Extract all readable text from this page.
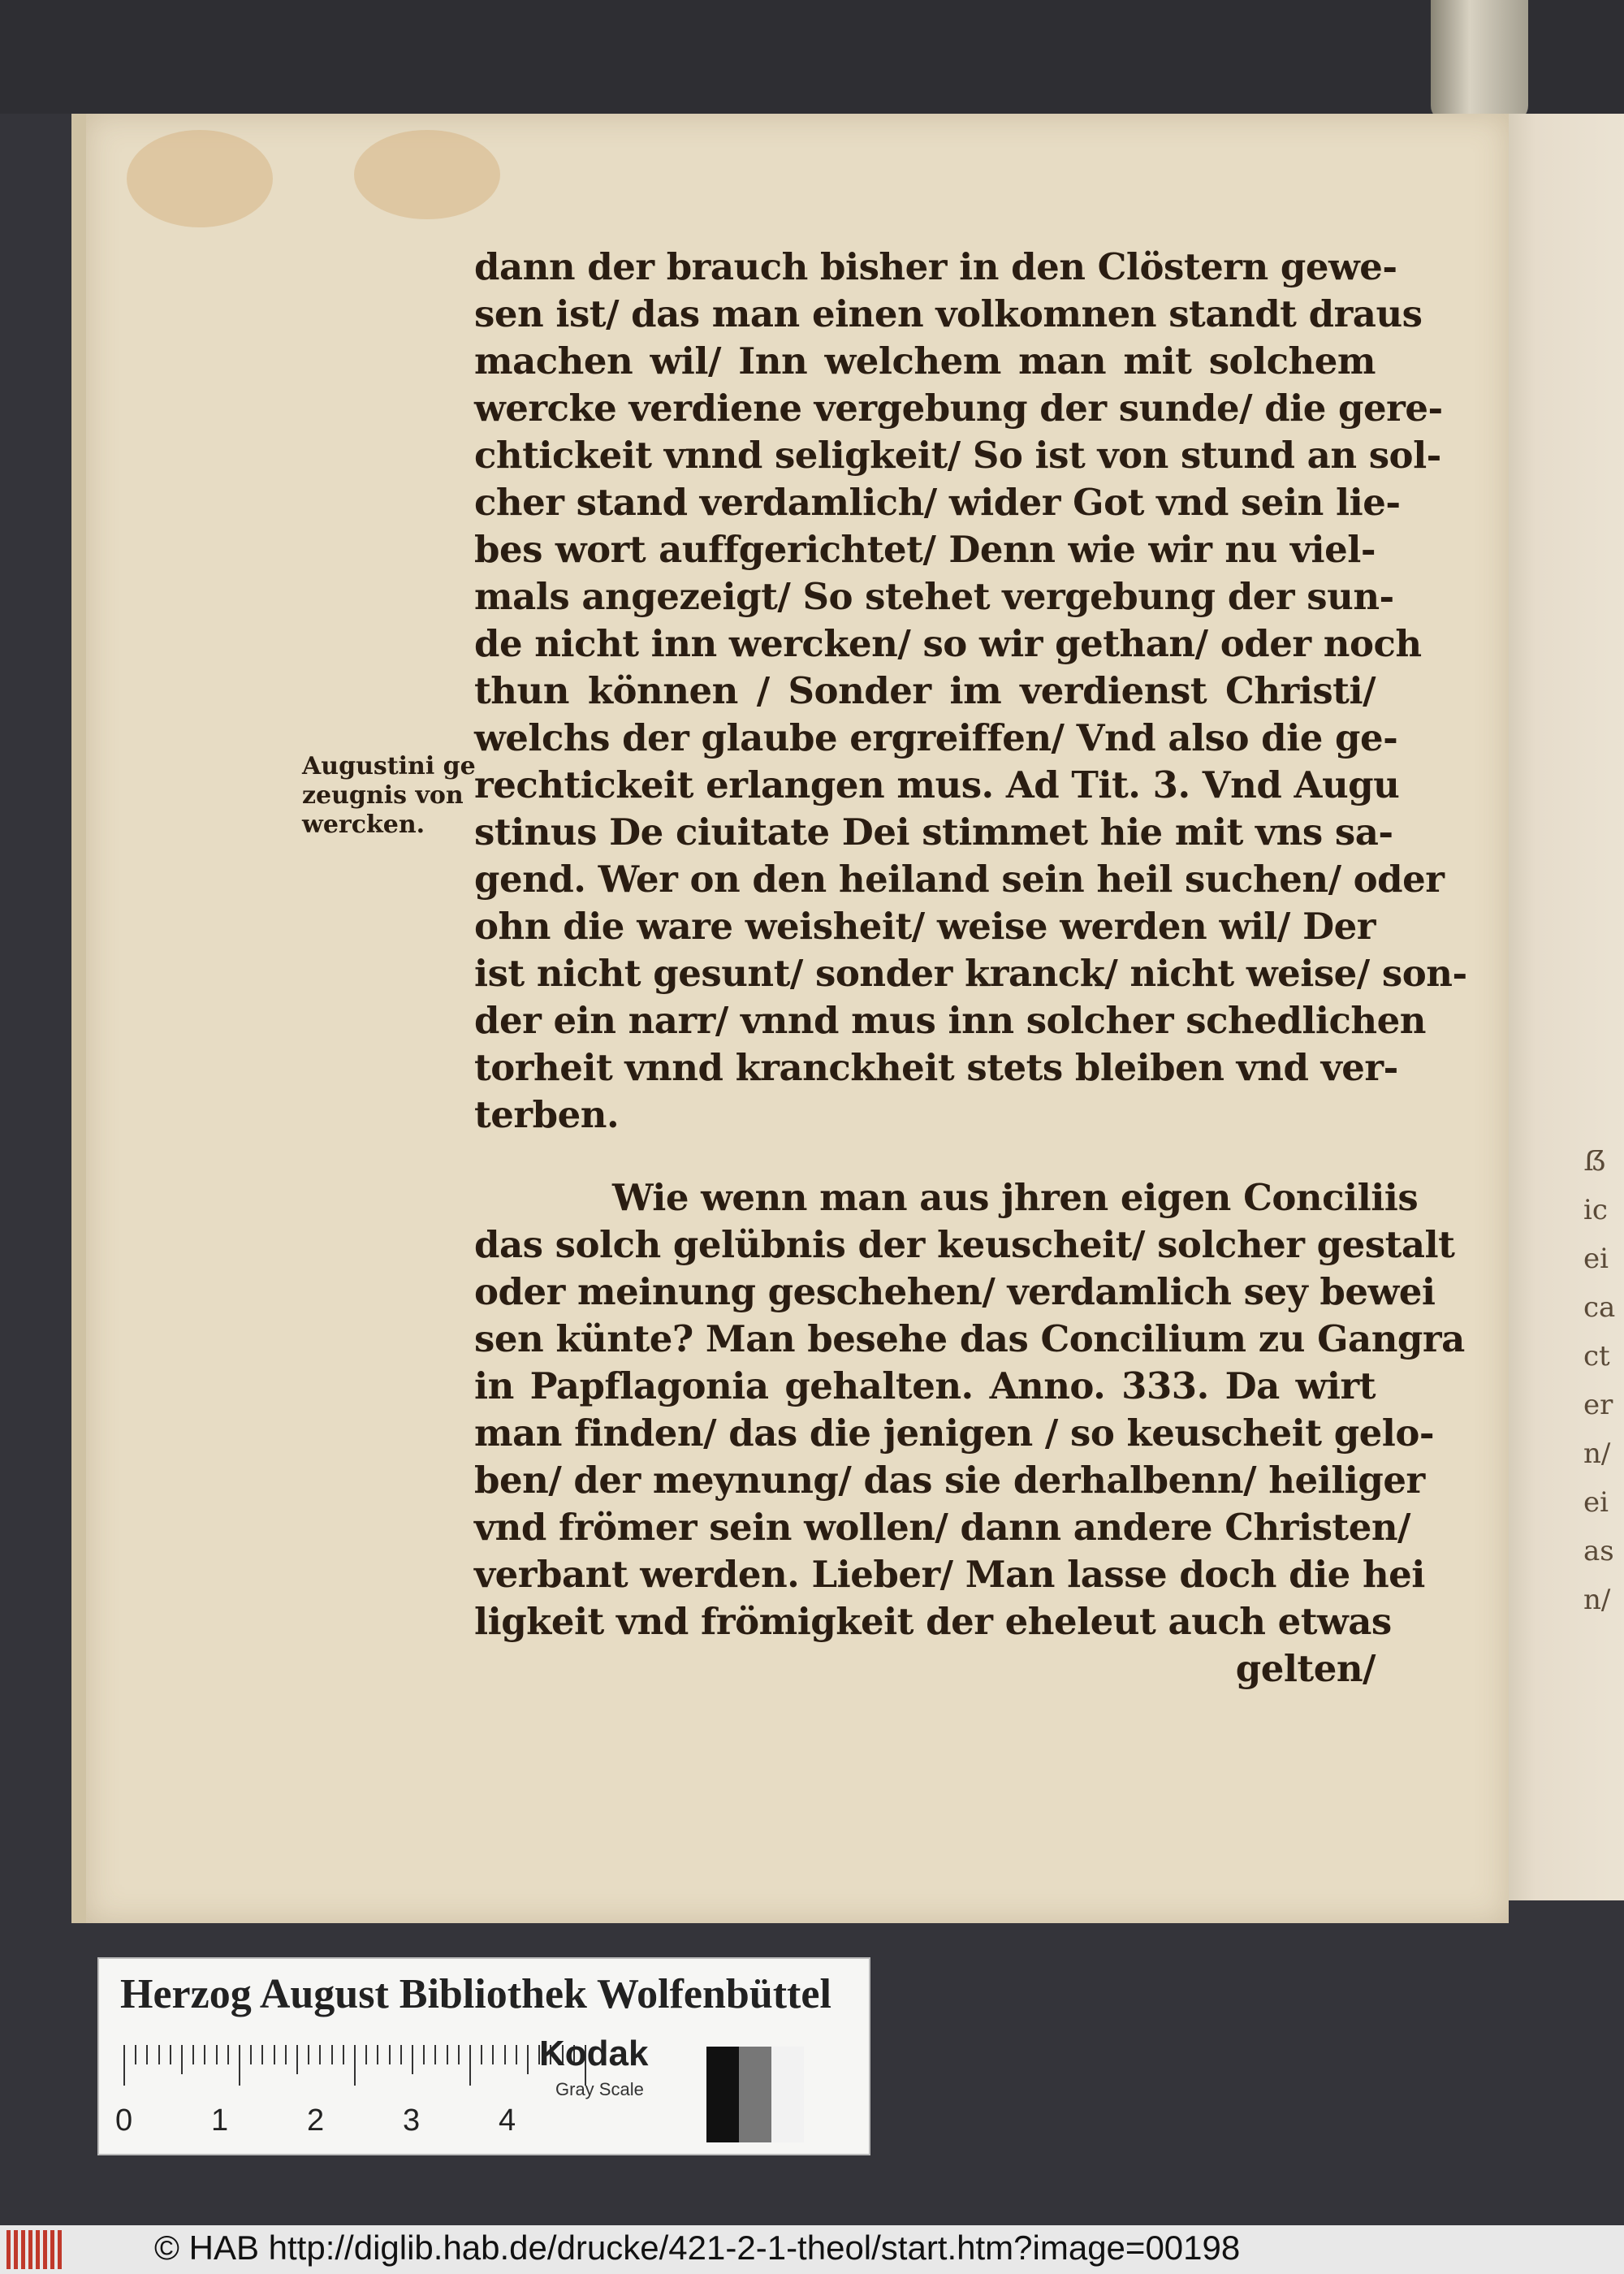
ẞ
ic
ei
ca
ct
er
n/
ei
as
n/
Augustini ge
zeugnis von
wercken.
dann der brauch bisher in den Clöstern gewe-
sen ist/ das man einen volkomnen standt draus
machen wil/ Inn welchem man mit solchem
wercke verdiene vergebung der sunde/ die gere-
chtickeit vnnd seligkeit/ So ist von stund an sol-
cher stand verdamlich/ wider Got vnd sein lie-
bes wort auffgerichtet/ Denn wie wir nu viel-
mals angezeigt/ So stehet vergebung der sun-
de nicht inn wercken/ so wir gethan/ oder noch
thun können / Sonder im verdienst Christi/
welchs der glaube ergreiffen/ Vnd also die ge-
rechtickeit erlangen mus. Ad Tit. 3. Vnd Augu
stinus De ciuitate Dei stimmet hie mit vns sa-
gend. Wer on den heiland sein heil suchen/ oder
ohn die ware weisheit/ weise werden wil/ Der
ist nicht gesunt/ sonder kranck/ nicht weise/ son-
der ein narr/ vnnd mus inn solcher schedlichen
torheit vnnd kranckheit stets bleiben vnd ver-
terben.
Wie wenn man aus jhren eigen Conciliis
das solch gelübnis der keuscheit/ solcher gestalt
oder meinung geschehen/ verdamlich sey bewei
sen künte? Man besehe das Concilium zu Gangra
in Papflagonia gehalten. Anno. 333. Da wirt
man finden/ das die jenigen / so keuscheit gelo-
ben/ der meynung/ das sie derhalbenn/ heiliger
vnd frömer sein wollen/ dann andere Christen/
verbant werden. Lieber/ Man lasse doch die hei
ligkeit vnd frömigkeit der eheleut auch etwas
gelten/
Herzog August Bibliothek Wolfenbüttel
0	1	2	3	4
Kodak
Gray Scale
© HAB http://diglib.hab.de/drucke/421-2-1-theol/start.htm?image=00198
